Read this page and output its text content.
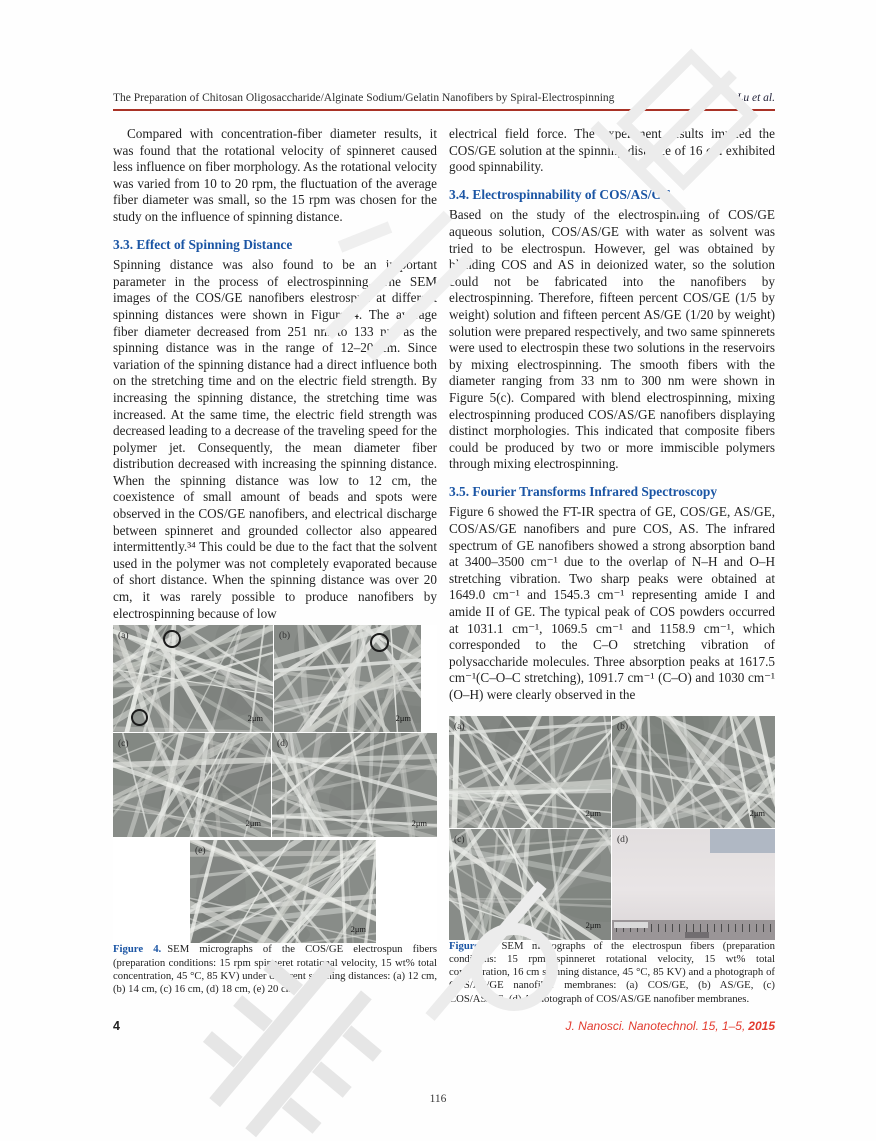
The Preparation of Chitosan Oligosaccharide/Alginate Sodium/Gelatin Nanofibers by Spiral-Electrospinning	Lu et al.

Compared with concentration-fiber diameter results, it was found that the rotational velocity of spinneret caused less influence on fiber morphology. As the rotational velocity was varied from 10 to 20 rpm, the fluctuation of the average fiber diameter was small, so the 15 rpm was chosen for the study on the influence of spinning distance.

3.3. Effect of Spinning Distance

Spinning distance was also found to be an important parameter in the process of electrospinning. The SEM images of the COS/GE nanofibers elestrospun at different spinning distances were shown in Figure 4. The average fiber diameter decreased from 251 nm to 133 nm as the spinning distance was in the range of 12–20 cm. Since variation of the spinning distance had a direct influence both on the stretching time and on the electric field strength. By increasing the spinning distance, the stretching time was increased. At the same time, the electric field strength was decreased leading to a decrease of the traveling speed for the polymer jet. Consequently, the mean diameter fiber distribution decreased with increasing the spinning distance. When the spinning distance was low to 12 cm, the coexistence of small amount of beads and spots were observed in the COS/GE nanofibers, and electrical discharge between spinneret and grounded collector also appeared intermittently.³⁴ This could be due to the fact that the solvent used in the polymer was not completely evaporated because of short distance. When the spinning distance was over 20 cm, it was rarely possible to produce nanofibers by electrospinning because of low

(a)
2μm
(b)
2μm
(c)
2μm
(d)
2μm
(e)
2μm

Figure 4. SEM micrographs of the COS/GE electrospun fibers (preparation conditions: 15 rpm spinneret rotational velocity, 15 wt% total concentration, 45 °C, 85 KV) under different spinning distances: (a) 12 cm, (b) 14 cm, (c) 16 cm, (d) 18 cm, (e) 20 cm.

electrical field force. The experiment results implied the COS/GE solution at the spinning distance of 16 cm exhibited good spinnability.

3.4. Electrospinnability of COS/AS/GE

Based on the study of the electrospinning of COS/GE aqueous solution, COS/AS/GE with water as solvent was tried to be electrospun. However, gel was obtained by blending COS and AS in deionized water, so the solution could not be fabricated into the nanofibers by electrospinning. Therefore, fifteen percent COS/GE (1/5 by weight) solution and fifteen percent AS/GE (1/20 by weight) solution were prepared respectively, and two same spinnerets were used to electrospin these two solutions in the reservoirs by mixing electrospinning. The smooth fibers with the diameter ranging from 33 nm to 300 nm were shown in Figure 5(c). Compared with blend electrospinning, mixing electrospinning produced COS/AS/GE nanofibers displaying distinct morphologies. This indicated that composite fibers could be produced by two or more immiscible polymers through mixing electrospinning.

3.5. Fourier Transforms Infrared Spectroscopy

Figure 6 showed the FT-IR spectra of GE, COS/GE, AS/GE, COS/AS/GE nanofibers and pure COS, AS. The infrared spectrum of GE nanofibers showed a strong absorption band at 3400–3500 cm⁻¹ due to the overlap of N–H and O–H stretching vibration. Two sharp peaks were obtained at 1649.0 cm⁻¹ and 1545.3 cm⁻¹ representing amide I and amide II of GE. The typical peak of COS powders occurred at 1031.1 cm⁻¹, 1069.5 cm⁻¹ and 1158.9 cm⁻¹, which corresponded to the C–O stretching vibration of polysaccharide molecules. Three absorption peaks at 1617.5 cm⁻¹(C–O–C stretching), 1091.7 cm⁻¹ (C–O) and 1030 cm⁻¹ (O–H) were clearly observed in the

(a)
2μm
(b)
2μm
(c)
2μm
(d)

Figure 5. SEM micrographs of the electrospun fibers (preparation conditions: 15 rpm spinneret rotational velocity, 15 wt% total concentration, 16 cm spinning distance, 45 °C, 85 KV) and a photograph of COS/AS/GE nanofiber membranes: (a) COS/GE, (b) AS/GE, (c) COS/AS/GE, (d) A photograph of COS/AS/GE nanofiber membranes.

4	J. Nanosci. Nanotechnol. 15, 1–5, 2015
116
